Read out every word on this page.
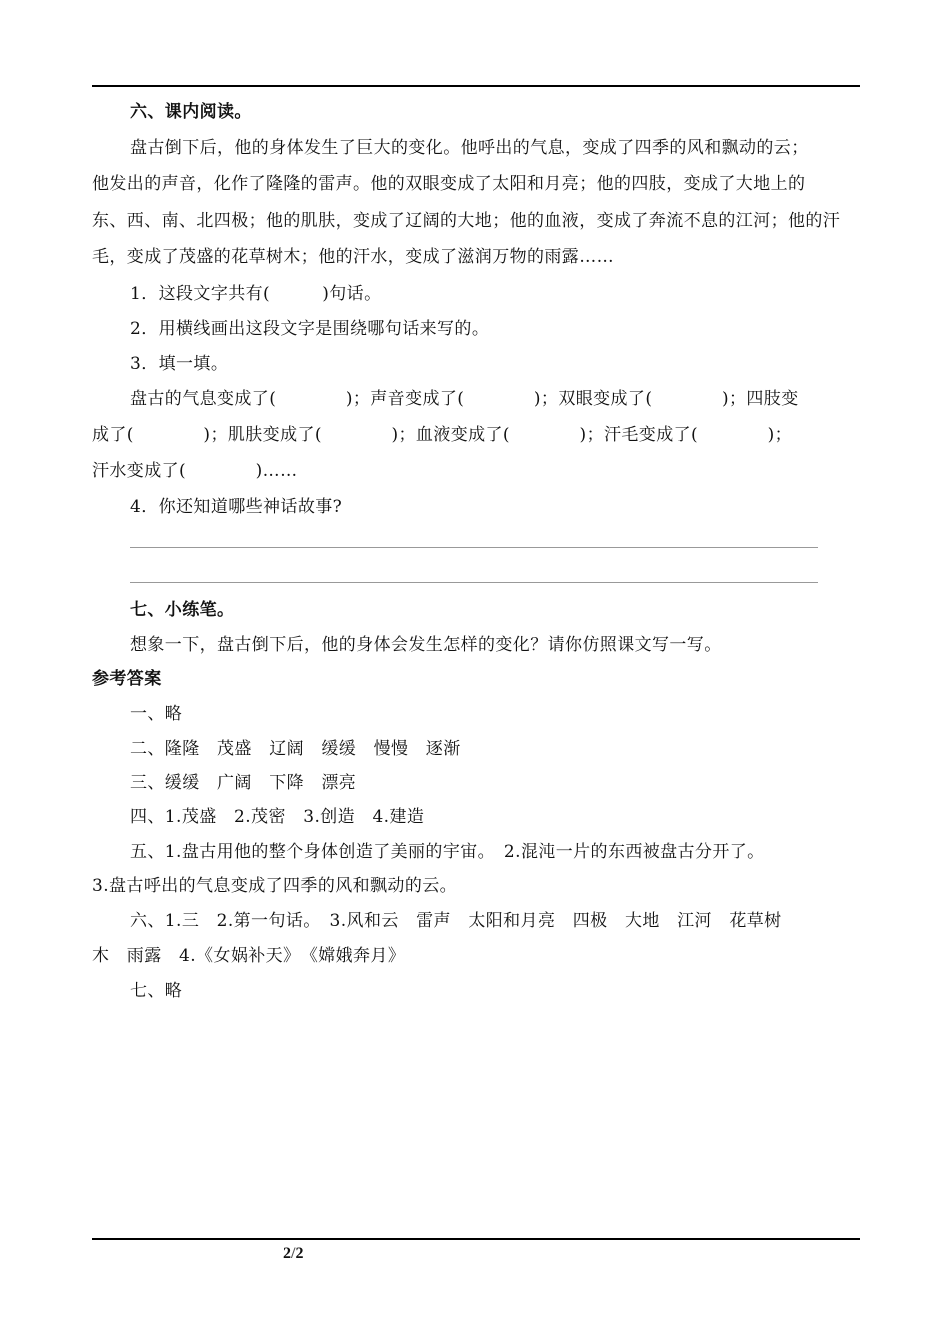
六、课内阅读。
盘古倒下后，他的身体发生了巨大的变化。他呼出的气息，变成了四季的风和飘动的云；
他发出的声音，化作了隆隆的雷声。他的双眼变成了太阳和月亮；他的四肢，变成了大地上的
东、西、南、北四极；他的肌肤，变成了辽阔的大地；他的血液，变成了奔流不息的江河；他的汗
毛，变成了茂盛的花草树木；他的汗水，变成了滋润万物的雨露……
1．这段文字共有(　　　)句话。
2．用横线画出这段文字是围绕哪句话来写的。
3．填一填。
盘古的气息变成了(　　　　)；声音变成了(　　　　)；双眼变成了(　　　　)；四肢变
成了(　　　　)；肌肤变成了(　　　　)；血液变成了(　　　　)；汗毛变成了(　　　　)；
汗水变成了(　　　　)……
4．你还知道哪些神话故事?
七、小练笔。
想象一下，盘古倒下后，他的身体会发生怎样的变化？请你仿照课文写一写。
参考答案
一、略
二、隆隆　茂盛　辽阔　缓缓　慢慢　逐渐
三、缓缓　广阔　下降　漂亮
四、1.茂盛　2.茂密　3.创造　4.建造
五、1.盘古用他的整个身体创造了美丽的宇宙。　2.混沌一片的东西被盘古分开了。
3.盘古呼出的气息变成了四季的风和飘动的云。
六、1.三　2.第一句话。　3.风和云　雷声　太阳和月亮　四极　大地　江河　花草树
木　雨露　4.《女娲补天》　《嫦娥奔月》
七、略
2/2
